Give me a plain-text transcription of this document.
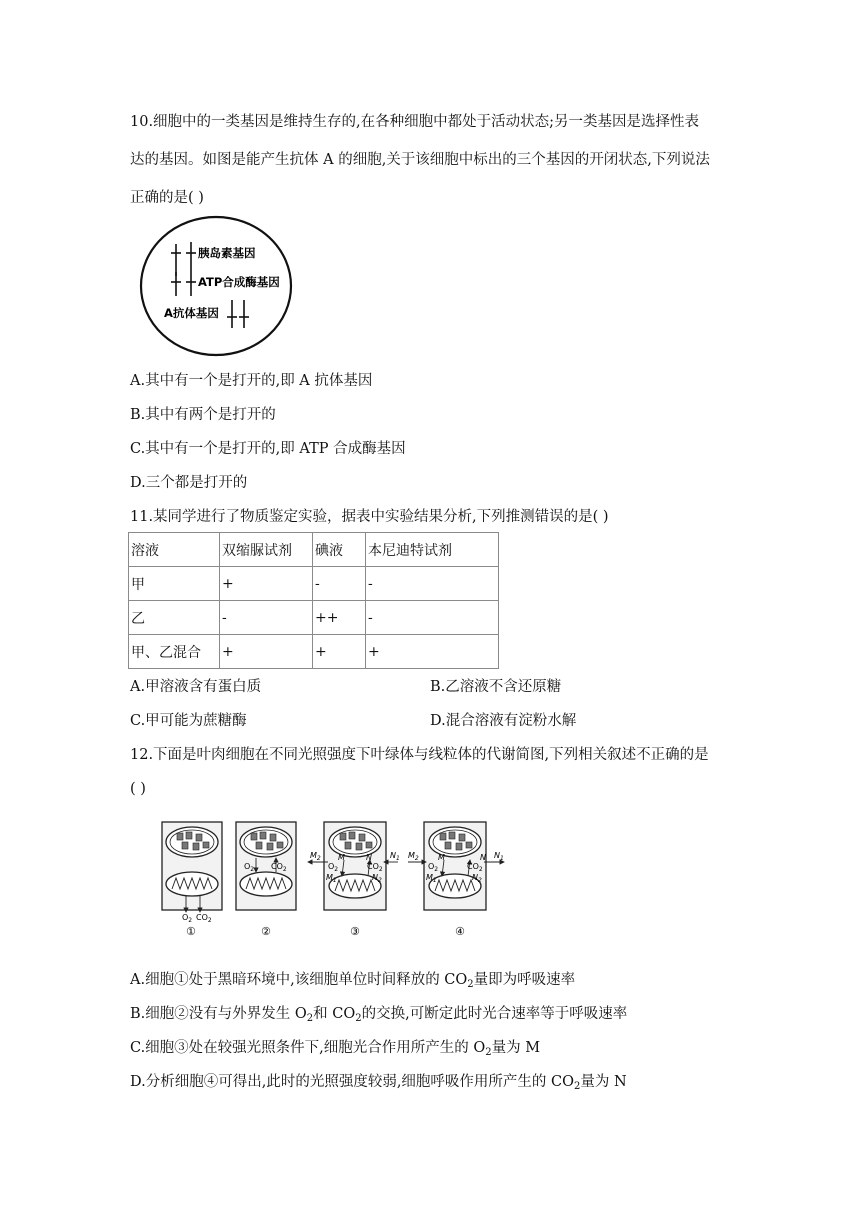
10.细胞中的一类基因是维持生存的,在各种细胞中都处于活动状态;另一类基因是选择性表
达的基因。如图是能产生抗体 A 的细胞,关于该细胞中标出的三个基因的开闭状态,下列说法
正确的是( )
胰岛素基因
ATP合成酶基因
A抗体基因
A.其中有一个是打开的,即 A 抗体基因
B.其中有两个是打开的
C.其中有一个是打开的,即 ATP 合成酶基因
D.三个都是打开的
11.某同学进行了物质鉴定实验，据表中实验结果分析,下列推测错误的是( )
溶液	双缩脲试剂	碘液	本尼迪特试剂
甲	+	-	-
乙	-	++	-
甲、乙混合	+	+	+
A.甲溶液含有蛋白质	B.乙溶液不含还原糖
C.甲可能为蔗糖酶	D.混合溶液有淀粉水解
12.下面是叶肉细胞在不同光照强度下叶绿体与线粒体的代谢简图,下列相关叙述不正确的是
( )
$O_2$ $CO_2$
①
$O_2$ $CO_2$
②
$M_2$	$N_1$
M	N
$O_2$	$CO_2$
$M_1$	$N_2$
③
$M_2$	$N_1$
M	N
$O_2$	$CO_2$
$M_1$	$N_2$
④
A.细胞①处于黑暗环境中,该细胞单位时间释放的 $CO_2$量即为呼吸速率
B.细胞②没有与外界发生 $O_2$和 $CO_2$的交换,可断定此时光合速率等于呼吸速率
C.细胞③处在较强光照条件下,细胞光合作用所产生的 $O_2$量为 M
D.分析细胞④可得出,此时的光照强度较弱,细胞呼吸作用所产生的 $CO_2$量为 N
